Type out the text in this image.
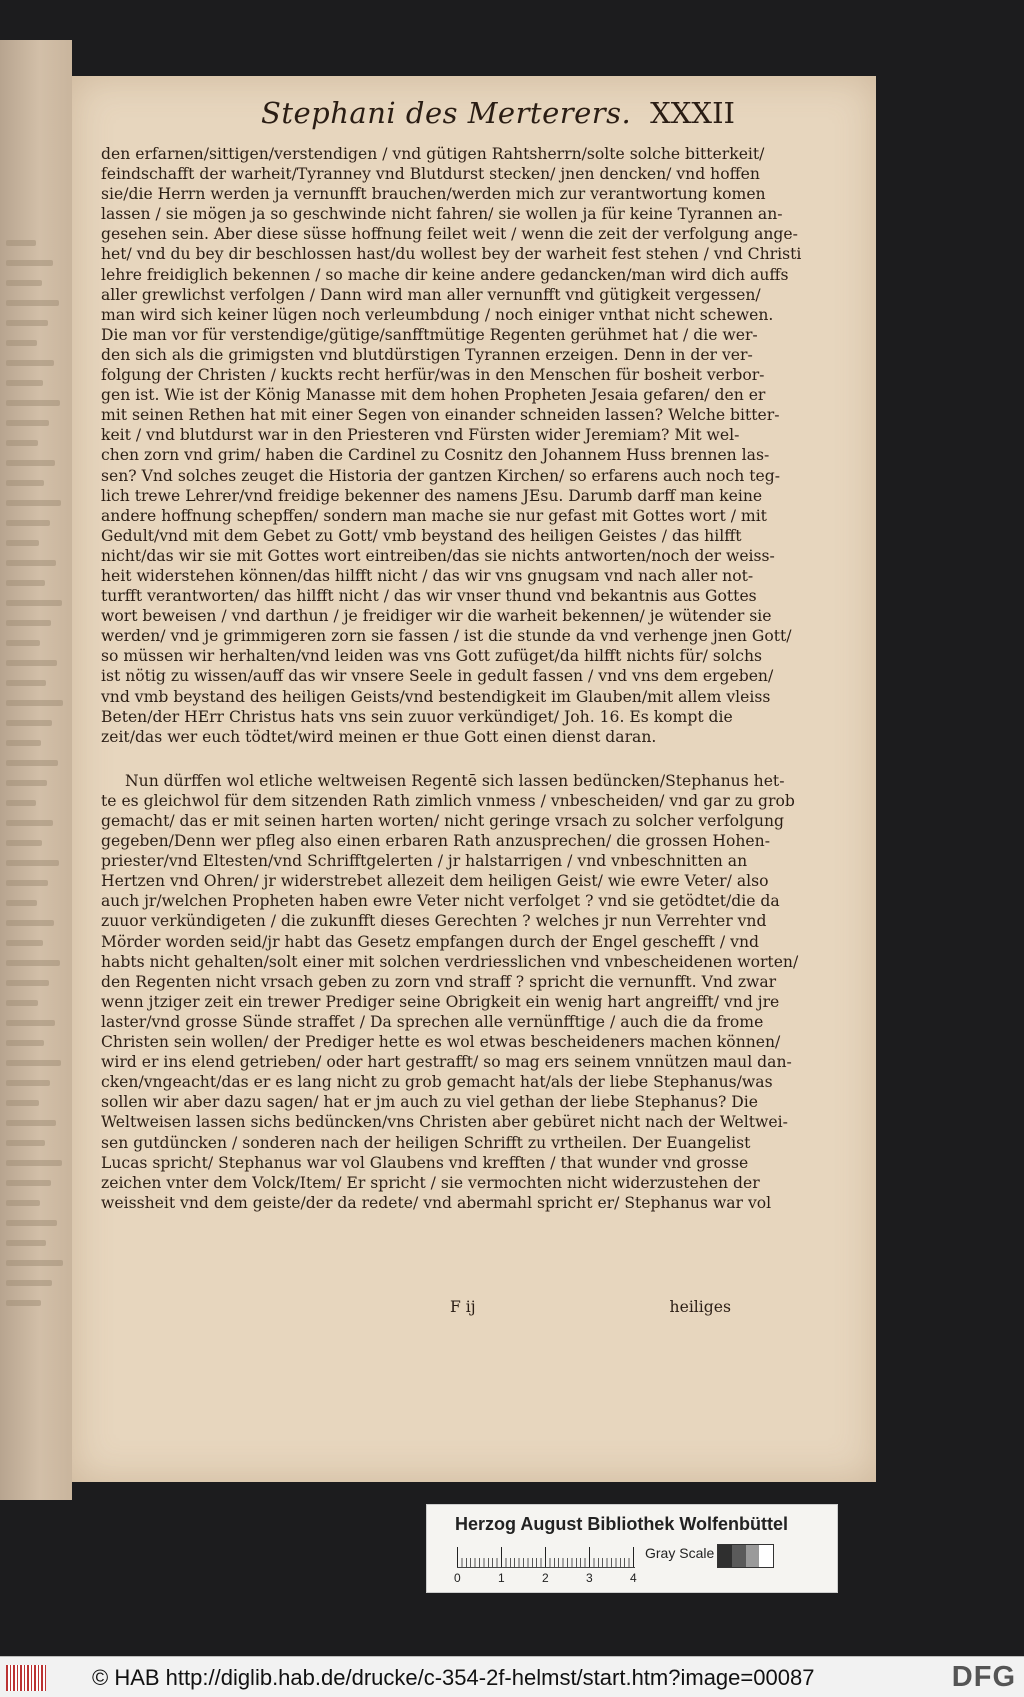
Stephani des Merterers. XXXII
den erfarnen/sittigen/verstendigen / vnd gütigen Rahtsherrn/solte solche bitterkeit/
feindschafft der warheit/Tyranney vnd Blutdurst stecken/ jnen dencken/ vnd hoffen
sie/die Herrn werden ja vernunfft brauchen/werden mich zur verantwortung komen
lassen / sie mögen ja so geschwinde nicht fahren/ sie wollen ja für keine Tyrannen an-
gesehen sein. Aber diese süsse hoffnung feilet weit / wenn die zeit der verfolgung ange-
het/ vnd du bey dir beschlossen hast/du wollest bey der warheit fest stehen / vnd Christi
lehre freidiglich bekennen / so mache dir keine andere gedancken/man wird dich auffs
aller grewlichst verfolgen / Dann wird man aller vernunfft vnd gütigkeit vergessen/
man wird sich keiner lügen noch verleumbdung / noch einiger vnthat nicht schewen.
Die man vor für verstendige/gütige/sanfftmütige Regenten gerühmet hat / die wer-
den sich als die grimigsten vnd blutdürstigen Tyrannen erzeigen. Denn in der ver-
folgung der Christen / kuckts recht herfür/was in den Menschen für bosheit verbor-
gen ist. Wie ist der König Manasse mit dem hohen Propheten Jesaia gefaren/ den er
mit seinen Rethen hat mit einer Segen von einander schneiden lassen? Welche bitter-
keit / vnd blutdurst war in den Priesteren vnd Fürsten wider Jeremiam? Mit wel-
chen zorn vnd grim/ haben die Cardinel zu Cosnitz den Johannem Huss brennen las-
sen? Vnd solches zeuget die Historia der gantzen Kirchen/ so erfarens auch noch teg-
lich trewe Lehrer/vnd freidige bekenner des namens JEsu. Darumb darff man keine
andere hoffnung schepffen/ sondern man mache sie nur gefast mit Gottes wort / mit
Gedult/vnd mit dem Gebet zu Gott/ vmb beystand des heiligen Geistes / das hilfft
nicht/das wir sie mit Gottes wort eintreiben/das sie nichts antworten/noch der weiss-
heit widerstehen können/das hilfft nicht / das wir vns gnugsam vnd nach aller not-
turfft verantworten/ das hilfft nicht / das wir vnser thund vnd bekantnis aus Gottes
wort beweisen / vnd darthun / je freidiger wir die warheit bekennen/ je wütender sie
werden/ vnd je grimmigeren zorn sie fassen / ist die stunde da vnd verhenge jnen Gott/
so müssen wir herhalten/vnd leiden was vns Gott zufüget/da hilfft nichts für/ solchs
ist nötig zu wissen/auff das wir vnsere Seele in gedult fassen / vnd vns dem ergeben/
vnd vmb beystand des heiligen Geists/vnd bestendigkeit im Glauben/mit allem vleiss
Beten/der HErr Christus hats vns sein zuuor verkündiget/ Joh. 16. Es kompt die
zeit/das wer euch tödtet/wird meinen er thue Gott einen dienst daran.
Nun dürffen wol etliche weltweisen Regentē sich lassen bedüncken/Stephanus het-
te es gleichwol für dem sitzenden Rath zimlich vnmess / vnbescheiden/ vnd gar zu grob
gemacht/ das er mit seinen harten worten/ nicht geringe vrsach zu solcher verfolgung
gegeben/Denn wer pfleg also einen erbaren Rath anzusprechen/ die grossen Hohen-
priester/vnd Eltesten/vnd Schrifftgelerten / jr halstarrigen / vnd vnbeschnitten an
Hertzen vnd Ohren/ jr widerstrebet allezeit dem heiligen Geist/ wie ewre Veter/ also
auch jr/welchen Propheten haben ewre Veter nicht verfolget ? vnd sie getödtet/die da
zuuor verkündigeten / die zukunfft dieses Gerechten ? welches jr nun Verrehter vnd
Mörder worden seid/jr habt das Gesetz empfangen durch der Engel geschefft / vnd
habts nicht gehalten/solt einer mit solchen verdriesslichen vnd vnbescheidenen worten/
den Regenten nicht vrsach geben zu zorn vnd straff ? spricht die vernunfft. Vnd zwar
wenn jtziger zeit ein trewer Prediger seine Obrigkeit ein wenig hart angreifft/ vnd jre
laster/vnd grosse Sünde straffet / Da sprechen alle vernünfftige / auch die da frome
Christen sein wollen/ der Prediger hette es wol etwas bescheideners machen können/
wird er ins elend getrieben/ oder hart gestrafft/ so mag ers seinem vnnützen maul dan-
cken/vngeacht/das er es lang nicht zu grob gemacht hat/als der liebe Stephanus/was
sollen wir aber dazu sagen/ hat er jm auch zu viel gethan der liebe Stephanus? Die
Weltweisen lassen sichs bedüncken/vns Christen aber gebüret nicht nach der Weltwei-
sen gutdüncken / sonderen nach der heiligen Schrifft zu vrtheilen. Der Euangelist
Lucas spricht/ Stephanus war vol Glaubens vnd krefften / that wunder vnd grosse
zeichen vnter dem Volck/Item/ Er spricht / sie vermochten nicht widerzustehen der
weissheit vnd dem geiste/der da redete/ vnd abermahl spricht er/ Stephanus war vol
F ij	heiliges
Herzog August Bibliothek Wolfenbüttel
Gray Scale
0	1	2	3	4
© HAB http://diglib.hab.de/drucke/c-354-2f-helmst/start.htm?image=00087	DFG
